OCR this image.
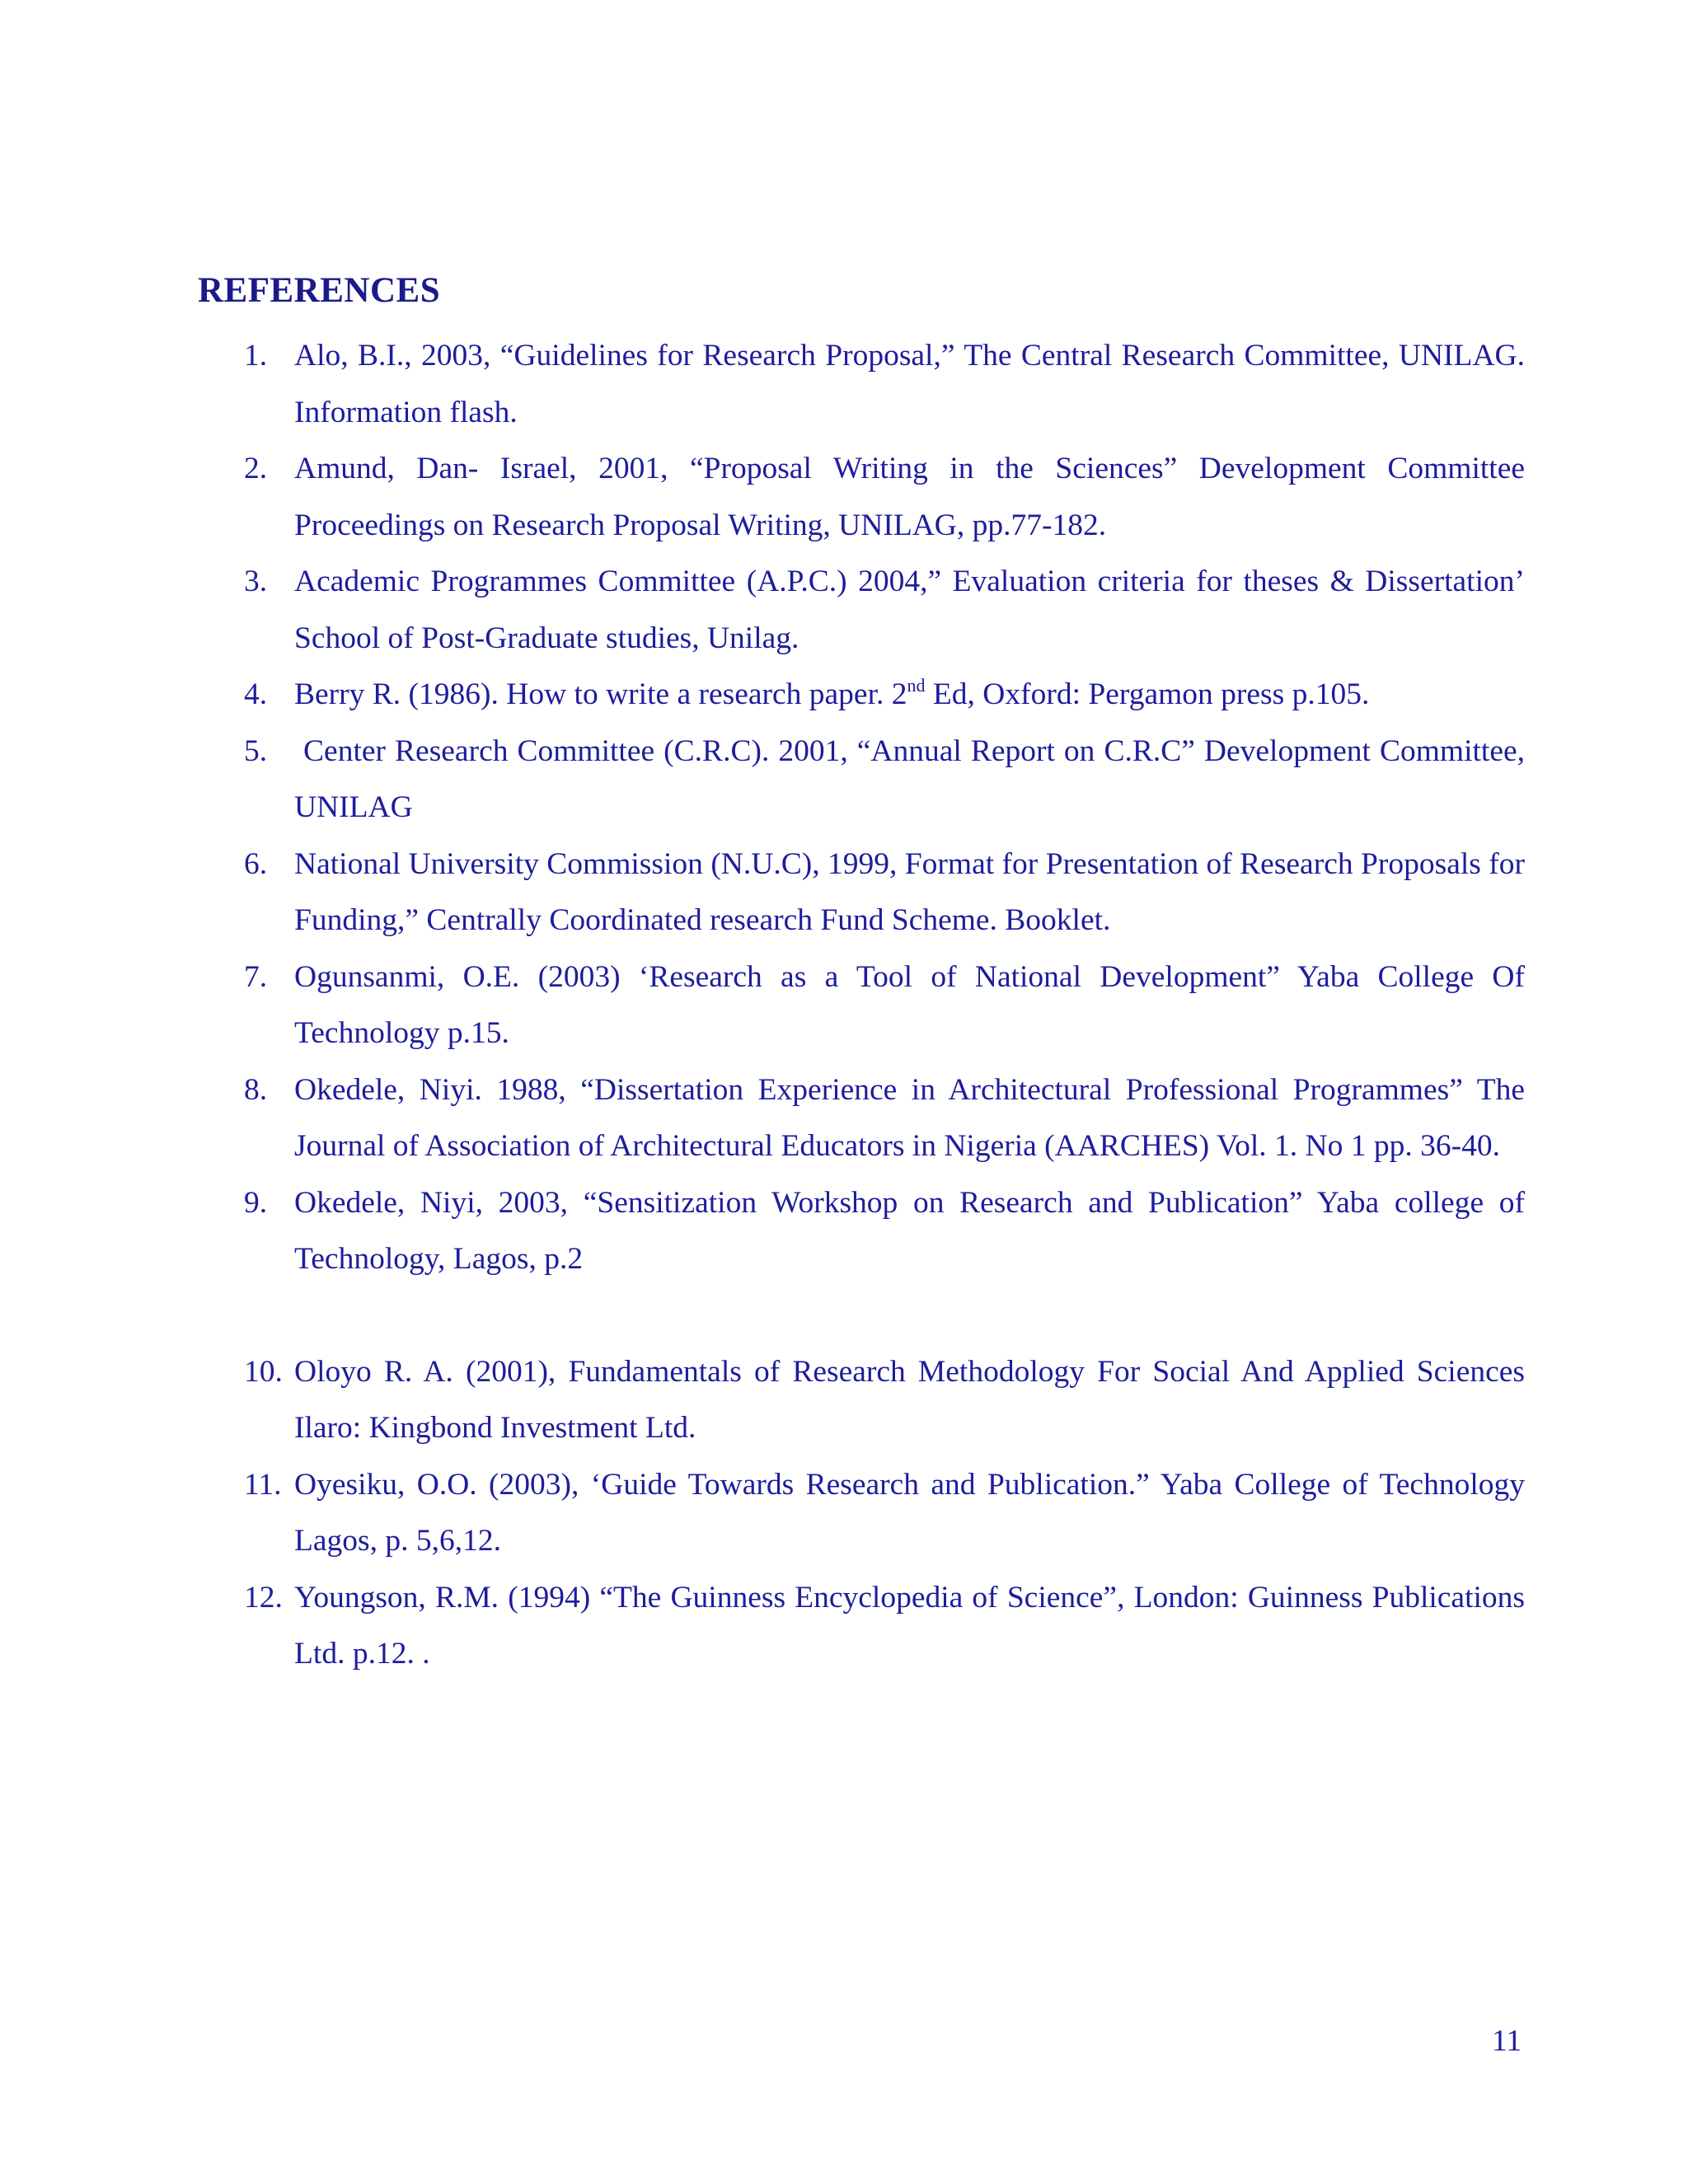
REFERENCES
1. Alo, B.I., 2003, “Guidelines for Research Proposal,” The Central Research Committee, UNILAG. Information flash.
2. Amund, Dan- Israel, 2001, “Proposal Writing in the Sciences” Development Committee Proceedings on Research Proposal Writing, UNILAG, pp.77-182.
3. Academic Programmes Committee (A.P.C.) 2004,” Evaluation criteria for theses & Dissertation’ School of Post-Graduate studies, Unilag.
4. Berry R. (1986). How to write a research paper. 2nd Ed, Oxford: Pergamon press p.105.
5. Center Research Committee (C.R.C). 2001, “Annual Report on C.R.C” Development Committee, UNILAG
6. National University Commission (N.U.C), 1999, Format for Presentation of Research Proposals for Funding,” Centrally Coordinated research Fund Scheme. Booklet.
7. Ogunsanmi, O.E. (2003) ‘Research as a Tool of National Development” Yaba College Of Technology p.15.
8. Okedele, Niyi. 1988, “Dissertation Experience in Architectural Professional Programmes” The Journal of Association of Architectural Educators in Nigeria (AARCHES) Vol. 1. No 1 pp. 36-40.
9. Okedele, Niyi, 2003, “Sensitization Workshop on Research and Publication” Yaba college of Technology, Lagos, p.2
10. Oloyo R. A. (2001), Fundamentals of Research Methodology For Social And Applied Sciences Ilaro: Kingbond Investment Ltd.
11. Oyesiku, O.O. (2003), ‘Guide Towards Research and Publication.” Yaba College of Technology Lagos, p. 5,6,12.
12. Youngson, R.M. (1994) “The Guinness Encyclopedia of Science”, London: Guinness Publications Ltd. p.12. .
11
